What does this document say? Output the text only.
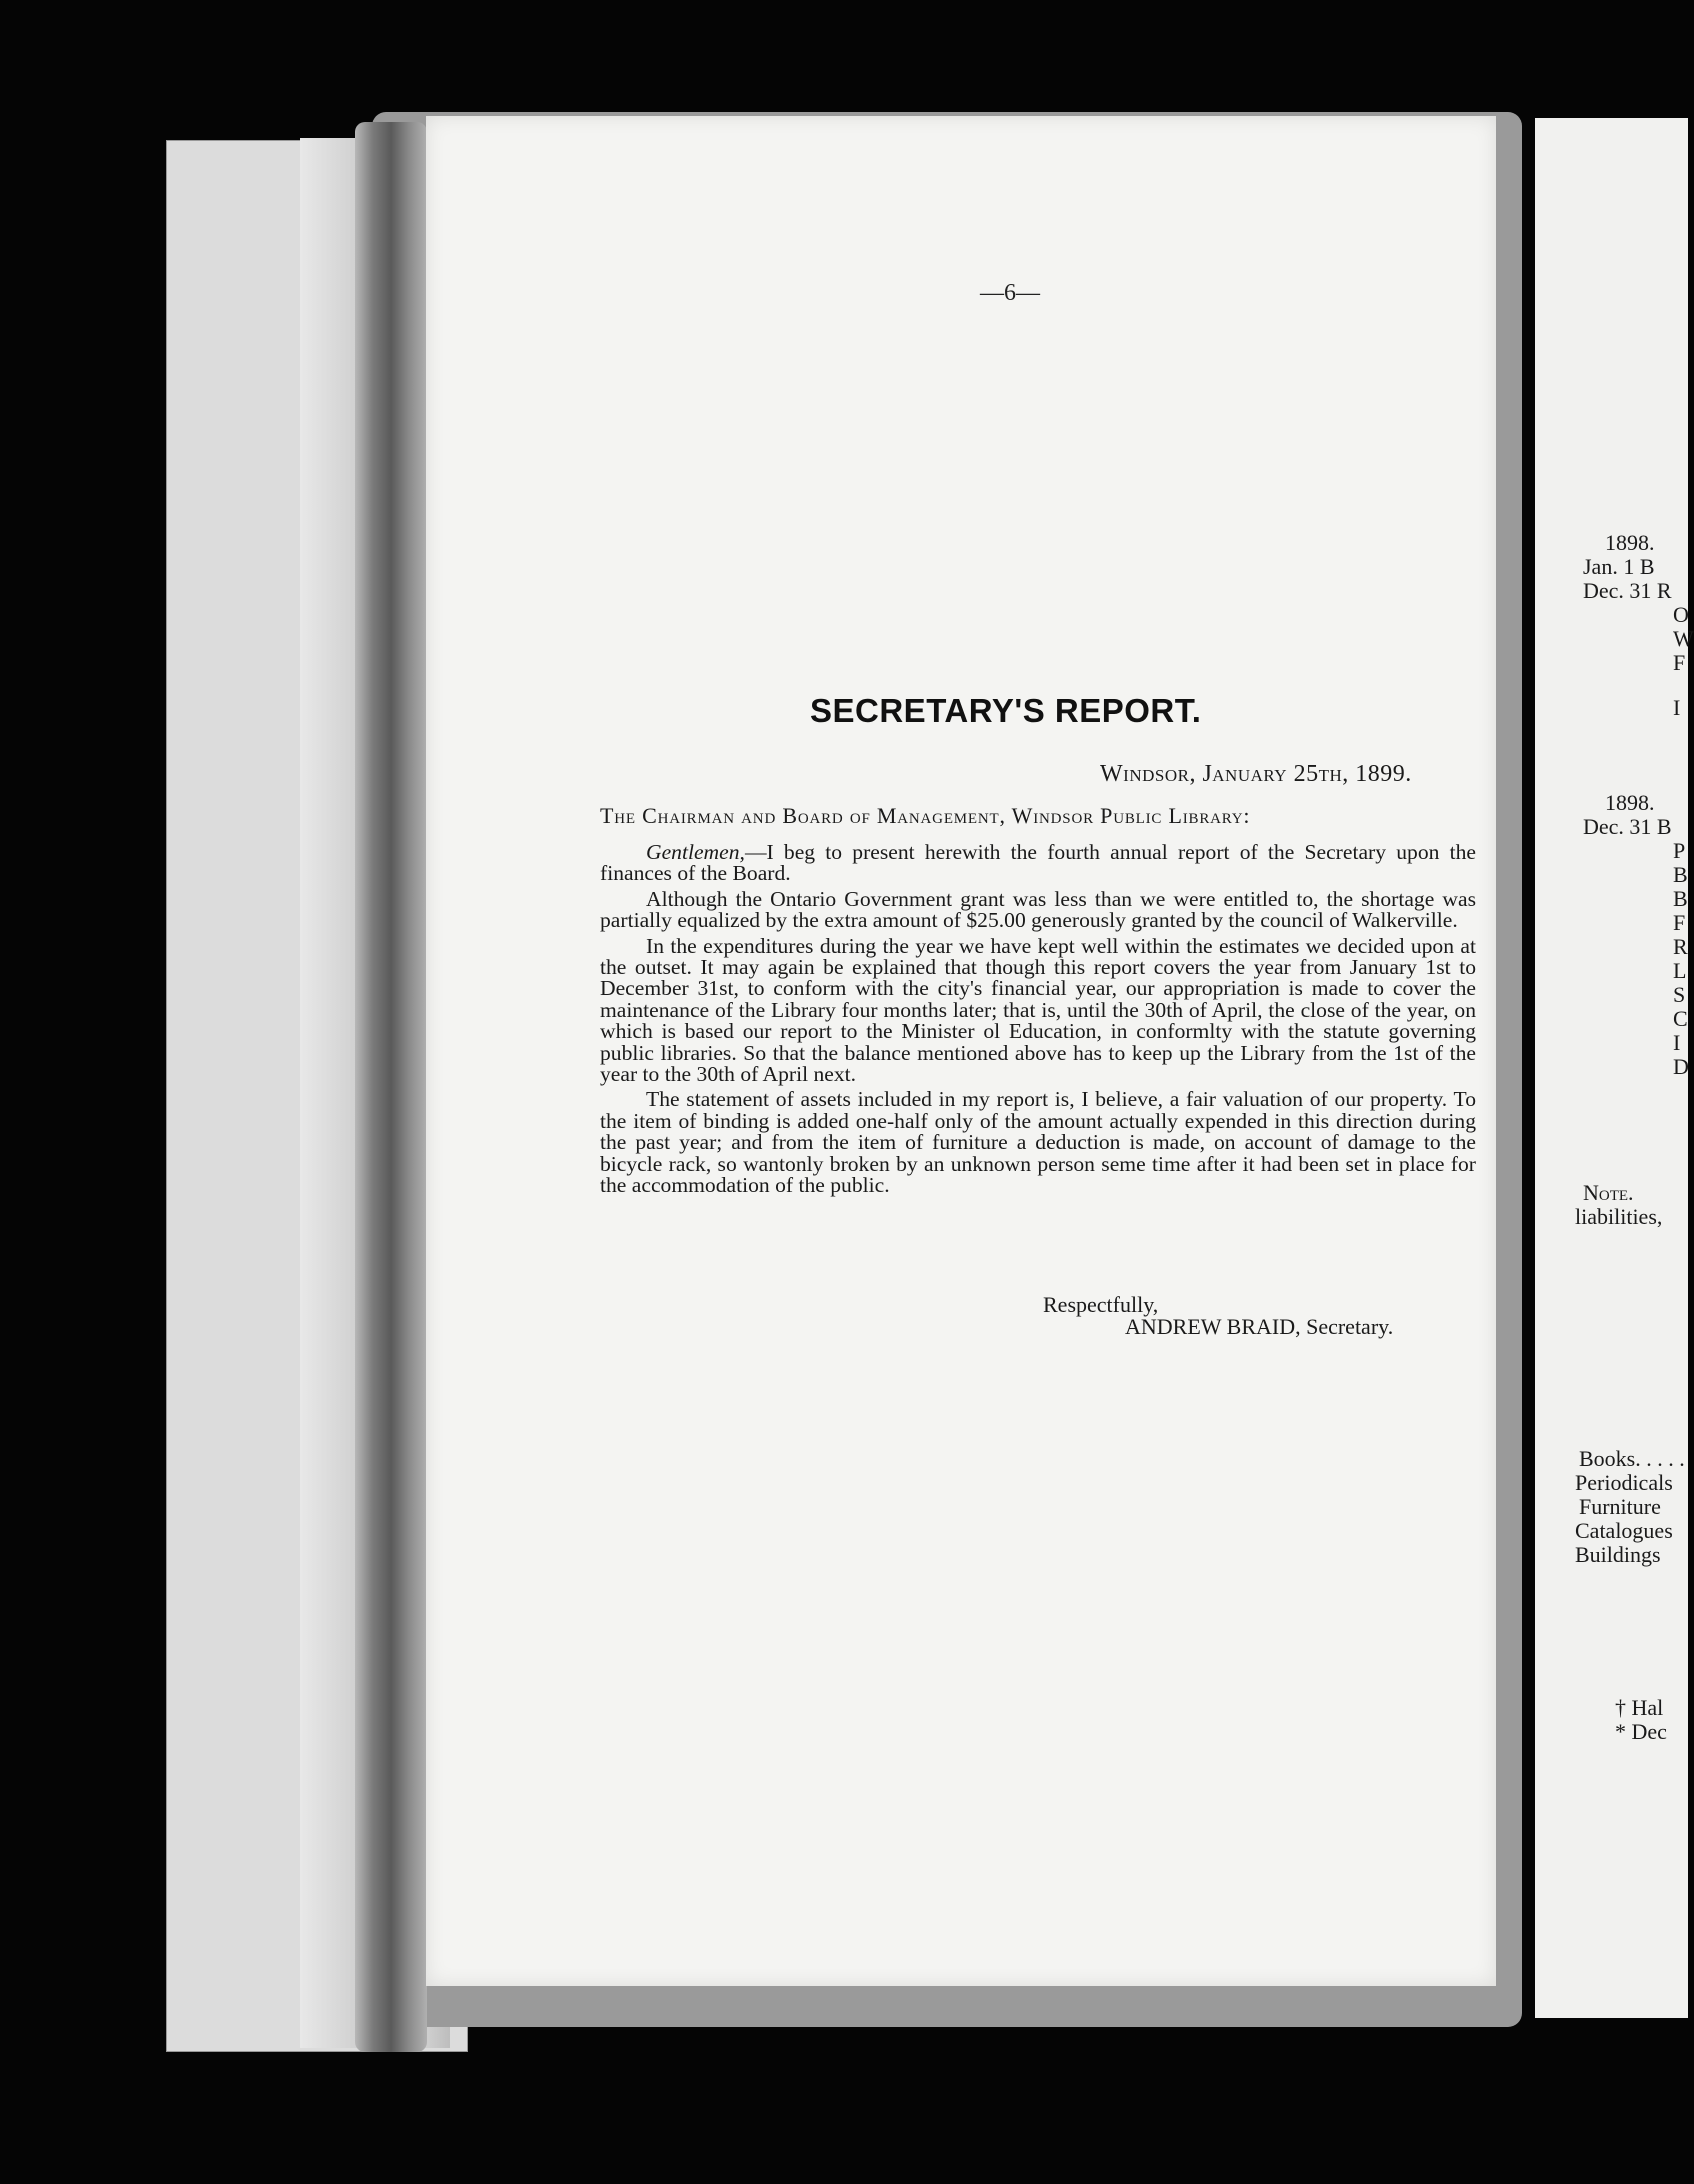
—6—
SECRETARY'S REPORT.
Windsor, January 25th, 1899.
The Chairman and Board of Management, Windsor Public Library:

Gentlemen,—I beg to present herewith the fourth annual report of the Secretary upon the finances of the Board.

Although the Ontario Government grant was less than we were entitled to, the shortage was partially equalized by the extra amount of $25.00 generously granted by the council of Walkerville.

In the expenditures during the year we have kept well within the estimates we decided upon at the outset. It may again be explained that though this report covers the year from January 1st to December 31st, to conform with the city's financial year, our appropriation is made to cover the maintenance of the Library four months later; that is, until the 30th of April, the close of the year, on which is based our report to the Minister ol Education, in conformlty with the statute governing public libraries. So that the balance mentioned above has to keep up the Library from the 1st of the year to the 30th of April next.

The statement of assets included in my report is, I believe, a fair valuation of our property. To the item of binding is added one-half only of the amount actually expended in this direction during the past year; and from the item of furniture a deduction is made, on account of damage to the bicycle rack, so wantonly broken by an unknown person seme time after it had been set in place for the accommodation of the public.

Respectfully,
ANDREW BRAID, Secretary.
1898.
Jan. 1 B
Dec. 31 R
O
W
F
I
1898.
Dec. 31 B
P
B
B
F
R
L
S
C
I
D
Note.
liabilities,
Books. . . . .
Periodicals
Furniture
Catalogues
Buildings
† Hal
* Dec
